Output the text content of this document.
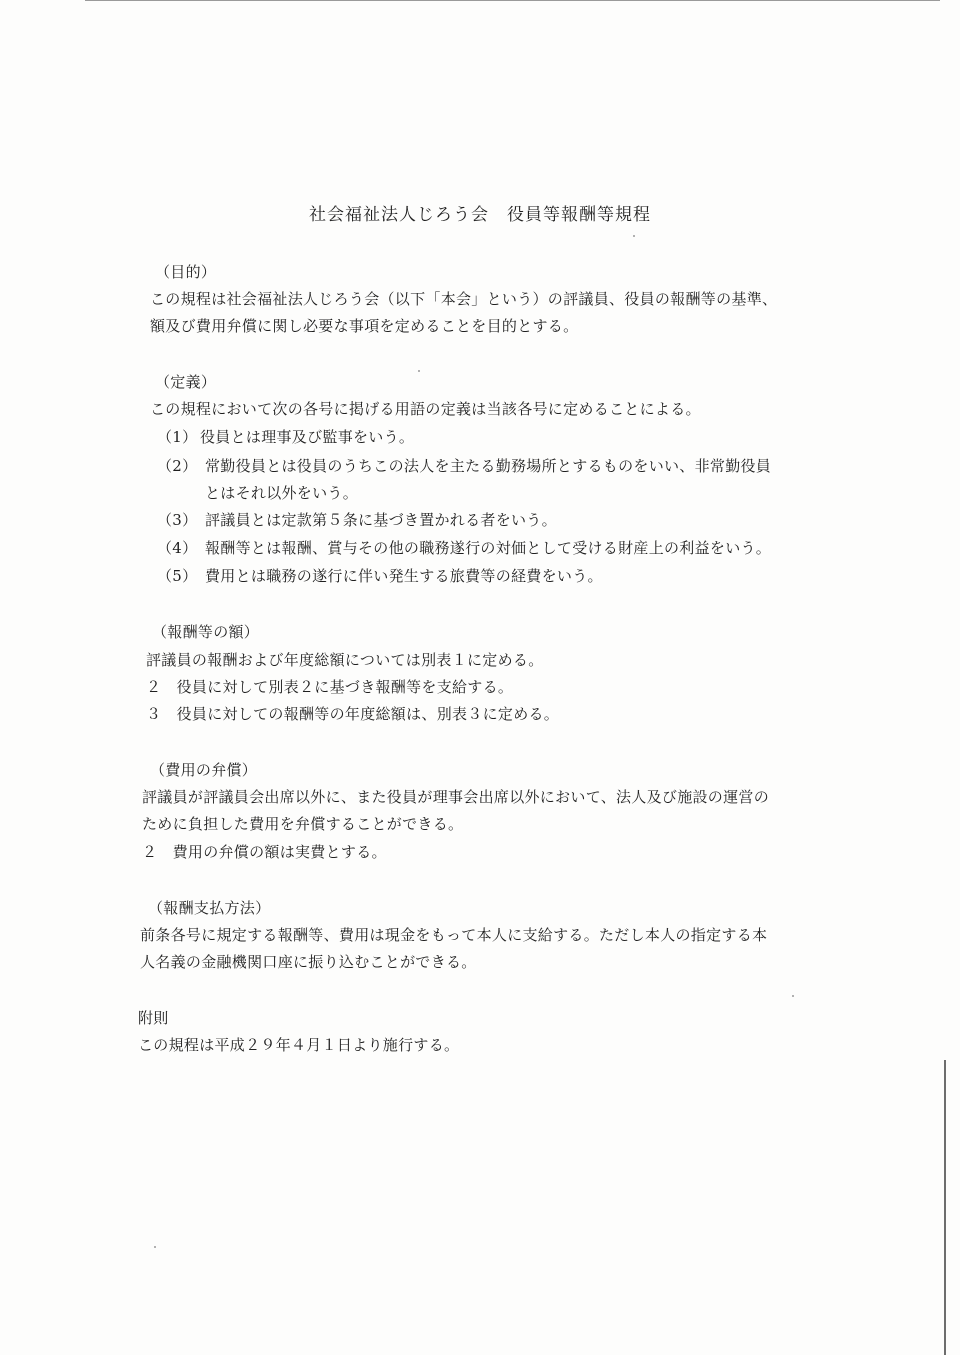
社会福祉法人じろう会　役員等報酬等規程
（目的）
この規程は社会福祉法人じろう会（以下「本会」という）の評議員、役員の報酬等の基準、
額及び費用弁償に関し必要な事項を定めることを目的とする。
（定義）
この規程において次の各号に掲げる用語の定義は当該各号に定めることによる。
（1） 役員とは理事及び監事をいう。
（2） 常勤役員とは役員のうちこの法人を主たる勤務場所とするものをいい、非常勤役員
とはそれ以外をいう。
（3） 評議員とは定款第５条に基づき置かれる者をいう。
（4） 報酬等とは報酬、賞与その他の職務遂行の対価として受ける財産上の利益をいう。
（5） 費用とは職務の遂行に伴い発生する旅費等の経費をいう。
（報酬等の額）
評議員の報酬および年度総額については別表１に定める。
２　役員に対して別表２に基づき報酬等を支給する。
３　役員に対しての報酬等の年度総額は、別表３に定める。
（費用の弁償）
評議員が評議員会出席以外に、また役員が理事会出席以外において、法人及び施設の運営の
ために負担した費用を弁償することができる。
２　費用の弁償の額は実費とする。
（報酬支払方法）
前条各号に規定する報酬等、費用は現金をもって本人に支給する。ただし本人の指定する本
人名義の金融機関口座に振り込むことができる。
附則
この規程は平成２９年４月１日より施行する。
